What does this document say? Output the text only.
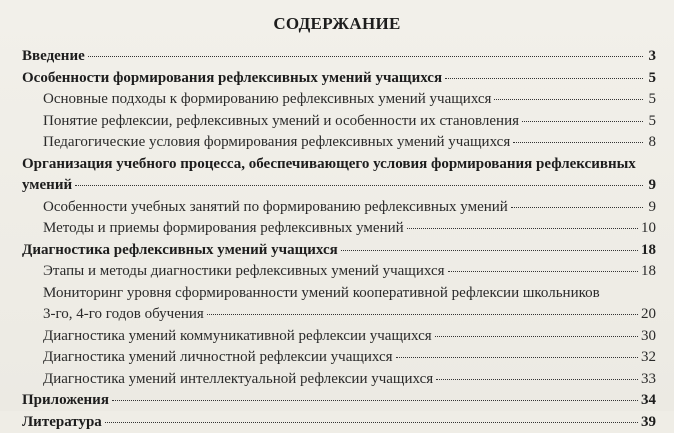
СОДЕРЖАНИЕ
Введение	3
Особенности формирования рефлексивных умений учащихся	5
Основные подходы к формированию рефлексивных умений учащихся	5
Понятие рефлексии, рефлексивных умений и особенности их становления	5
Педагогические условия формирования рефлексивных умений учащихся	8
Организация учебного процесса, обеспечивающего условия формирования рефлексивных
умений	9
Особенности учебных занятий по формированию рефлексивных умений	9
Методы и приемы формирования рефлексивных умений	10
Диагностика рефлексивных умений учащихся	18
Этапы и методы диагностики рефлексивных умений учащихся	18
Мониторинг уровня сформированности умений кооперативной рефлексии школьников
3-го, 4-го годов обучения	20
Диагностика умений коммуникативной рефлексии учащихся	30
Диагностика умений личностной рефлексии учащихся	32
Диагностика умений интеллектуальной рефлексии учащихся	33
Приложения	34
Литература	39
